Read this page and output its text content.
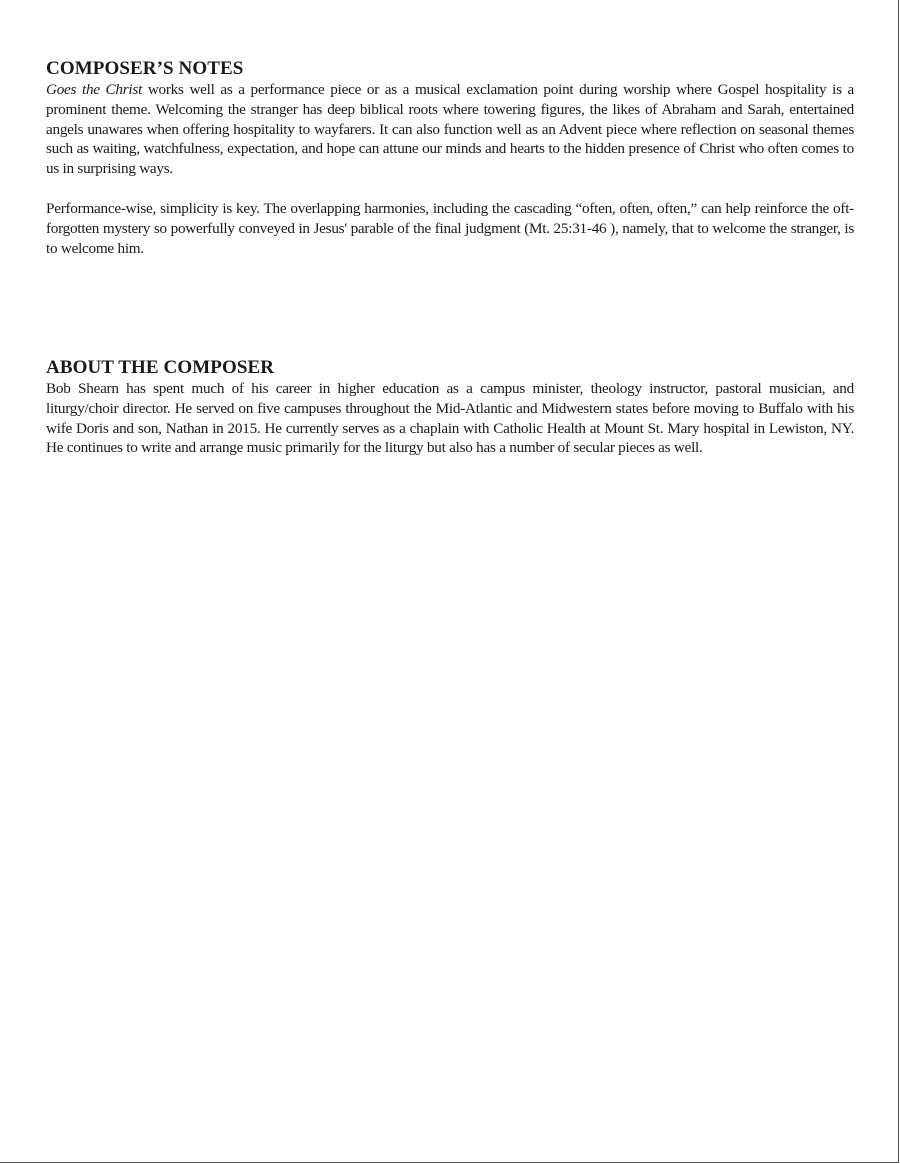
COMPOSER’S NOTES

Goes the Christ works well as a performance piece or as a musical exclamation point during worship where Gospel hospitality is a prominent theme. Welcoming the stranger has deep biblical roots where towering figures, the likes of Abraham and Sarah, entertained angels unawares when offering hospitality to wayfarers. It can also function well as an Advent piece where reflection on seasonal themes such as waiting, watchfulness, expectation, and hope can attune our minds and hearts to the hidden presence of Christ who often comes to us in surprising ways.

Performance-wise, simplicity is key. The overlapping harmonies, including the cascading “often, often, often,” can help reinforce the oft-forgotten mystery so powerfully conveyed in Jesus' parable of the final judgment (Mt. 25:31-46 ), namely, that to welcome the stranger, is to welcome him.

ABOUT THE COMPOSER

Bob Shearn has spent much of his career in higher education as a campus minister, theology instructor, pastoral musician, and liturgy/choir director. He served on five campuses throughout the Mid-Atlantic and Midwestern states before moving to Buffalo with his wife Doris and son, Nathan in 2015. He currently serves as a chaplain with Catholic Health at Mount St. Mary hospital in Lewiston, NY. He continues to write and arrange music primarily for the liturgy but also has a number of secular pieces as well.
